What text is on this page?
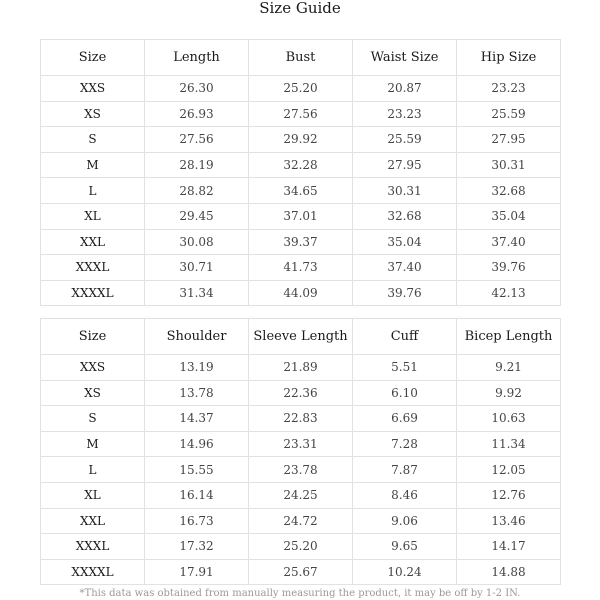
Size Guide
Size	Length	Bust	Waist Size	Hip Size
XXS	26.30	25.20	20.87	23.23
XS	26.93	27.56	23.23	25.59
S	27.56	29.92	25.59	27.95
M	28.19	32.28	27.95	30.31
L	28.82	34.65	30.31	32.68
XL	29.45	37.01	32.68	35.04
XXL	30.08	39.37	35.04	37.40
XXXL	30.71	41.73	37.40	39.76
XXXXL	31.34	44.09	39.76	42.13
Size	Shoulder	Sleeve Length	Cuff	Bicep Length
XXS	13.19	21.89	5.51	9.21
XS	13.78	22.36	6.10	9.92
S	14.37	22.83	6.69	10.63
M	14.96	23.31	7.28	11.34
L	15.55	23.78	7.87	12.05
XL	16.14	24.25	8.46	12.76
XXL	16.73	24.72	9.06	13.46
XXXL	17.32	25.20	9.65	14.17
XXXXL	17.91	25.67	10.24	14.88
*This data was obtained from manually measuring the product, it may be off by 1-2 IN.
